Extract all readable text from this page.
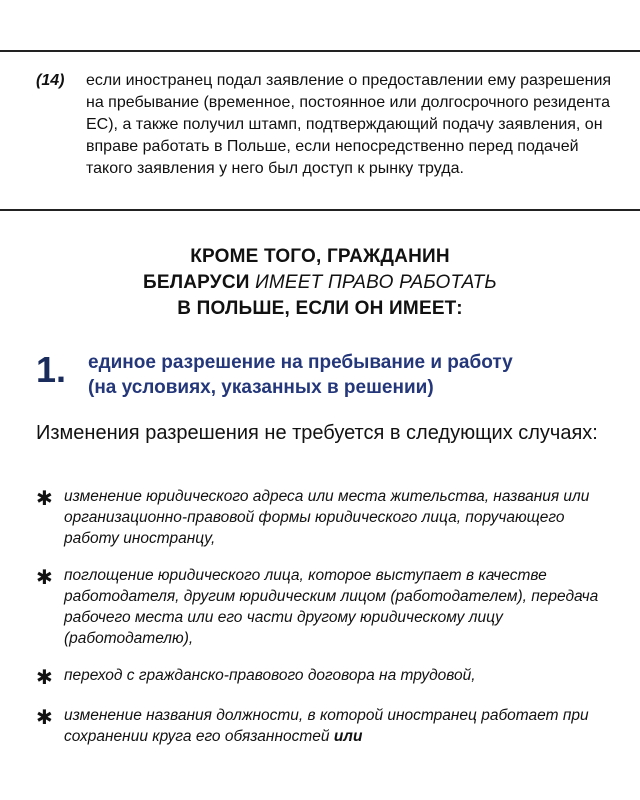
(14)	если иностранец подал заявление о предоставлении ему разрешения на пребывание (временное, постоянное или долгосрочного резидента ЕС), а также получил штамп, подтверждающий подачу заявления, он вправе работать в Польше, если непосредственно перед подачей такого заявления у него был доступ к рынку труда.
КРОМЕ ТОГО, ГРАЖДАНИН
БЕЛАРУСИ ИМЕЕТ ПРАВО РАБОТАТЬ
В ПОЛЬШЕ, ЕСЛИ ОН ИМЕЕТ:
1.	единое разрешение на пребывание и работу
(на условиях, указанных в решении)
Изменения разрешения не требуется в следующих случаях:
✱ изменение юридического адреса или места жительства, названия или организационно-правовой формы юридического лица, поручающего работу иностранцу,
✱ поглощение юридического лица, которое выступает в качестве работодателя, другим юридическим лицом (работодателем), передача рабочего места или его части другому юридическому лицу (работодателю),
✱ переход с гражданско-правового договора на трудовой,
✱ изменение названия должности, в которой иностранец работает при сохранении круга его обязанностей или
